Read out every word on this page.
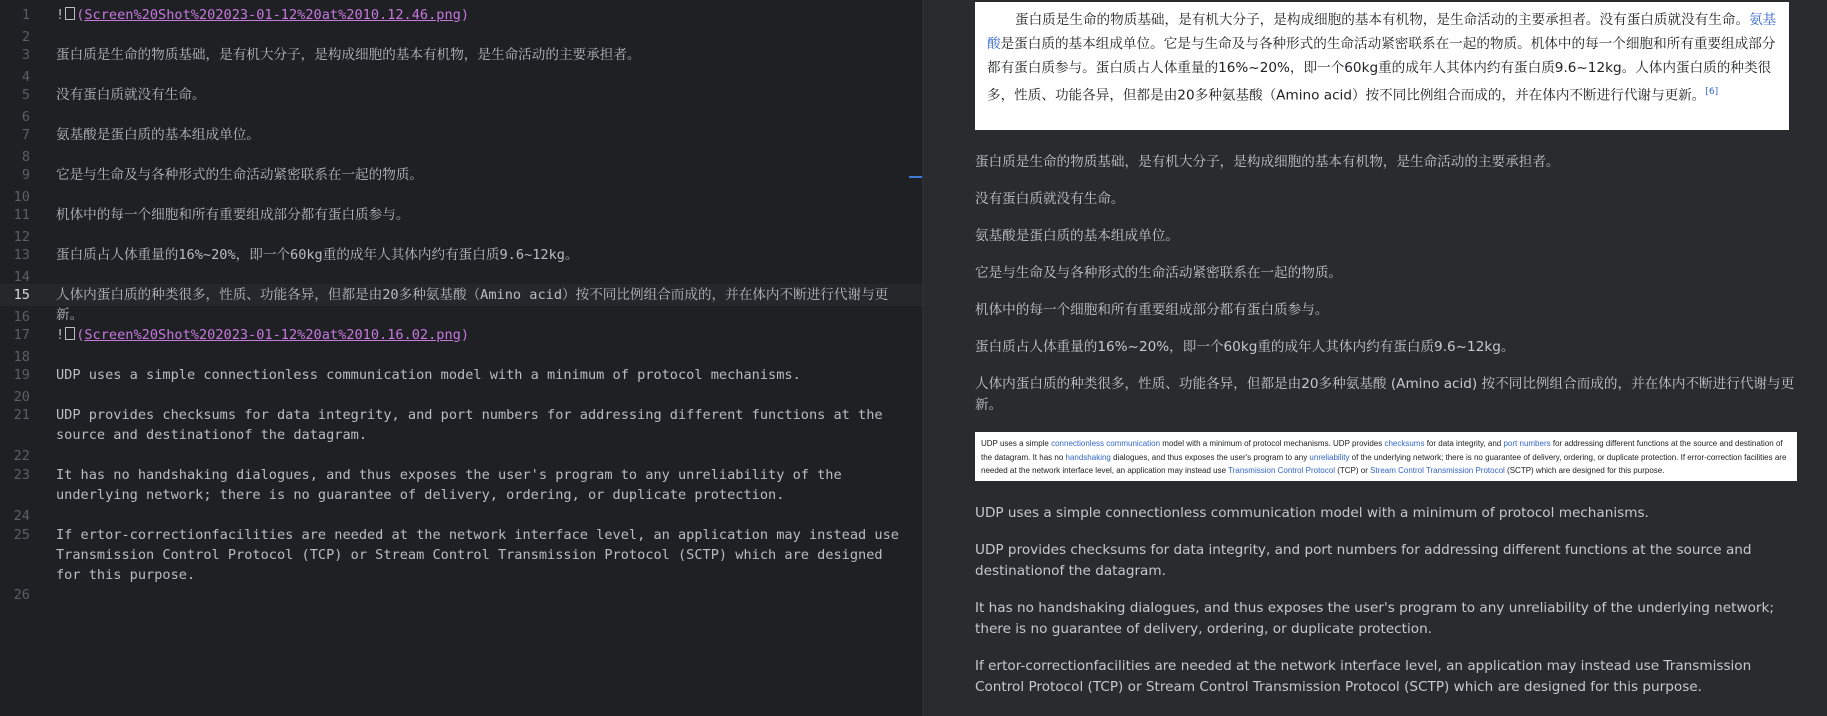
1 ! (Screen%20Shot%202023-01-12%20at%2010.12.46.png)
2
3 蛋白质是生命的物质基础，是有机大分子，是构成细胞的基本有机物，是生命活动的主要承担者。
4
5 没有蛋白质就没有生命。
6
7 氨基酸是蛋白质的基本组成单位。
8
9 它是与生命及与各种形式的生命活动紧密联系在一起的物质。
10
11 机体中的每一个细胞和所有重要组成部分都有蛋白质参与。
12
13 蛋白质占人体重量的16%~20%，即一个60kg重的成年人其体内约有蛋白质9.6~12kg。
14
15 人体内蛋白质的种类很多，性质、功能各异，但都是由20多种氨基酸（Amino acid）按不同比例组合而成的，并在体内不断进行代谢与更新。
16
17 ! (Screen%20Shot%202023-01-12%20at%2010.16.02.png)
18
19 UDP uses a simple connectionless communication model with a minimum of protocol mechanisms.
20
21 UDP provides checksums for data integrity, and port numbers for addressing different functions at the source and destinationof the datagram.
22
23 It has no handshaking dialogues, and thus exposes the user's program to any unreliability of the underlying network; there is no guarantee of delivery, ordering, or duplicate protection.
24
25 If ertor-correctionfacilities are needed at the network interface level, an application may instead use Transmission Control Protocol (TCP) or Stream Control Transmission Protocol (SCTP) which are designed for this purpose.
26
蛋白质是生命的物质基础，是有机大分子，是构成细胞的基本有机物，是生命活动的主要承担者。没有蛋白质就没有生命。氨基酸是蛋白质的基本组成单位。它是与生命及与各种形式的生命活动紧密联系在一起的物质。机体中的每一个细胞和所有重要组成部分都有蛋白质参与。蛋白质占人体重量的16%~20%，即一个60kg重的成年人其体内约有蛋白质9.6~12kg。人体内蛋白质的种类很多，性质、功能各异，但都是由20多种氨基酸（Amino acid）按不同比例组合而成的，并在体内不断进行代谢与更新。[6]
蛋白质是生命的物质基础，是有机大分子，是构成细胞的基本有机物，是生命活动的主要承担者。
没有蛋白质就没有生命。
氨基酸是蛋白质的基本组成单位。
它是与生命及与各种形式的生命活动紧密联系在一起的物质。
机体中的每一个细胞和所有重要组成部分都有蛋白质参与。
蛋白质占人体重量的16%~20%，即一个60kg重的成年人其体内约有蛋白质9.6~12kg。
人体内蛋白质的种类很多，性质、功能各异，但都是由20多种氨基酸 (Amino acid) 按不同比例组合而成的，并在体内不断进行代谢与更新。
UDP uses a simple connectionless communication model with a minimum of protocol mechanisms. UDP provides checksums for data integrity, and port numbers for addressing different functions at the source and destination of the datagram. It has no handshaking dialogues, and thus exposes the user's program to any unreliability of the underlying network; there is no guarantee of delivery, ordering, or duplicate protection. If error-correction facilities are needed at the network interface level, an application may instead use Transmission Control Protocol (TCP) or Stream Control Transmission Protocol (SCTP) which are designed for this purpose.
UDP uses a simple connectionless communication model with a minimum of protocol mechanisms.
UDP provides checksums for data integrity, and port numbers for addressing different functions at the source and destinationof the datagram.
It has no handshaking dialogues, and thus exposes the user's program to any unreliability of the underlying network; there is no guarantee of delivery, ordering, or duplicate protection.
If ertor-correctionfacilities are needed at the network interface level, an application may instead use Transmission Control Protocol (TCP) or Stream Control Transmission Protocol (SCTP) which are designed for this purpose.
